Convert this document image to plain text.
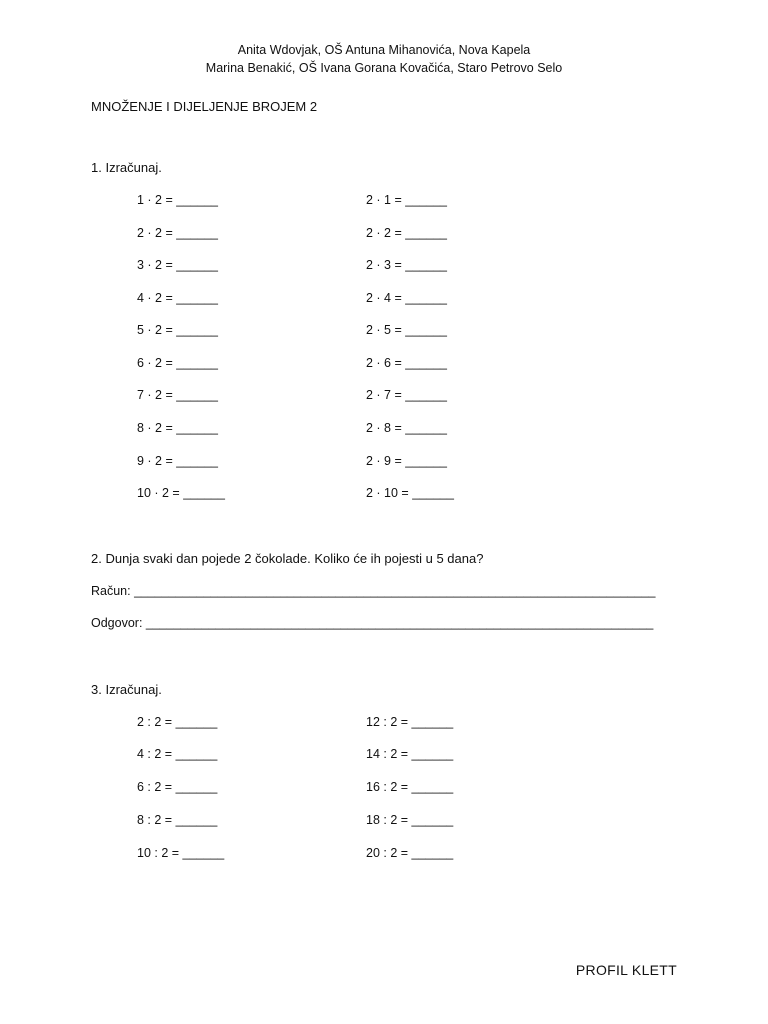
Anita Wdovjak, OŠ Antuna Mihanovića, Nova Kapela
Marina Benakić, OŠ Ivana Gorana Kovačića, Staro Petrovo Selo
MNOŽENJE I DIJELJENJE BROJEM 2
1. Izračunaj.
1 · 2 = ______
2 · 2 = ______
3 · 2 = ______
4 · 2 = ______
5 · 2 = ______
6 · 2 = ______
7 · 2 = ______
8 · 2 = ______
9 · 2 = ______
10 · 2 = ______
2 · 1 = ______
2 · 2 = ______
2 · 3 = ______
2 · 4 = ______
2 · 5 = ______
2 · 6 = ______
2 · 7 = ______
2 · 8 = ______
2 · 9 = ______
2 · 10 = ______
2. Dunja svaki dan pojede 2 čokolade. Koliko će ih pojesti u 5 dana?
Račun: ___________________________________________________________________________
Odgovor: _________________________________________________________________________
3. Izračunaj.
2 : 2 = ______
4 : 2 = ______
6 : 2 = ______
8 : 2 = ______
10 : 2 = ______
12 : 2 = ______
14 : 2 = ______
16 : 2 = ______
18 : 2 = ______
20 : 2 = ______
PROFIL KLETT
